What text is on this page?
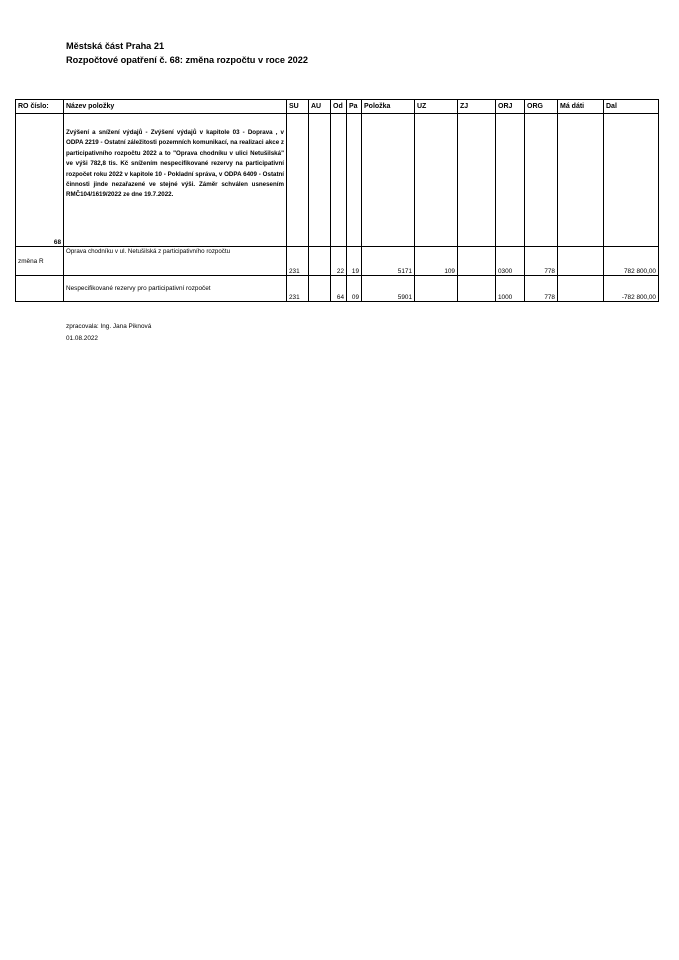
Městská část Praha 21
Rozpočtové opatření č. 68: změna rozpočtu v roce 2022
RO číslo:	Název položky	SU	AU	Od	Pa	Položka	UZ	ZJ	ORJ	ORG	Má dáti	Dal
68	Zvýšení a snížení výdajů - Zvýšení výdajů v kapitole 03 - Doprava , v ODPA 2219 - Ostatní záležitosti pozemních komunikací, na realizaci akce z participativního rozpočtu 2022 a to "Oprava chodníku v ulici Netušilská" ve výši 782,8 tis. Kč snížením nespecifikované rezervy na participativní rozpočet roku 2022 v kapitole 10 - Pokladní správa, v ODPA 6409 - Ostatní činnosti jinde nezařazené ve stejné výši. Záměr schválen usnesením RMČ104/1619/2022 ze dne 19.7.2022.											
změna R	Oprava chodníku v ul. Netušilská z participativního rozpočtu	231		22	19	5171	109		0300	778		782 800,00
	Nespecifikované rezervy pro participativní rozpočet	231		64	09	5901			1000	778		-782 800,00
zpracovala: Ing. Jana Piknová
01.08.2022
